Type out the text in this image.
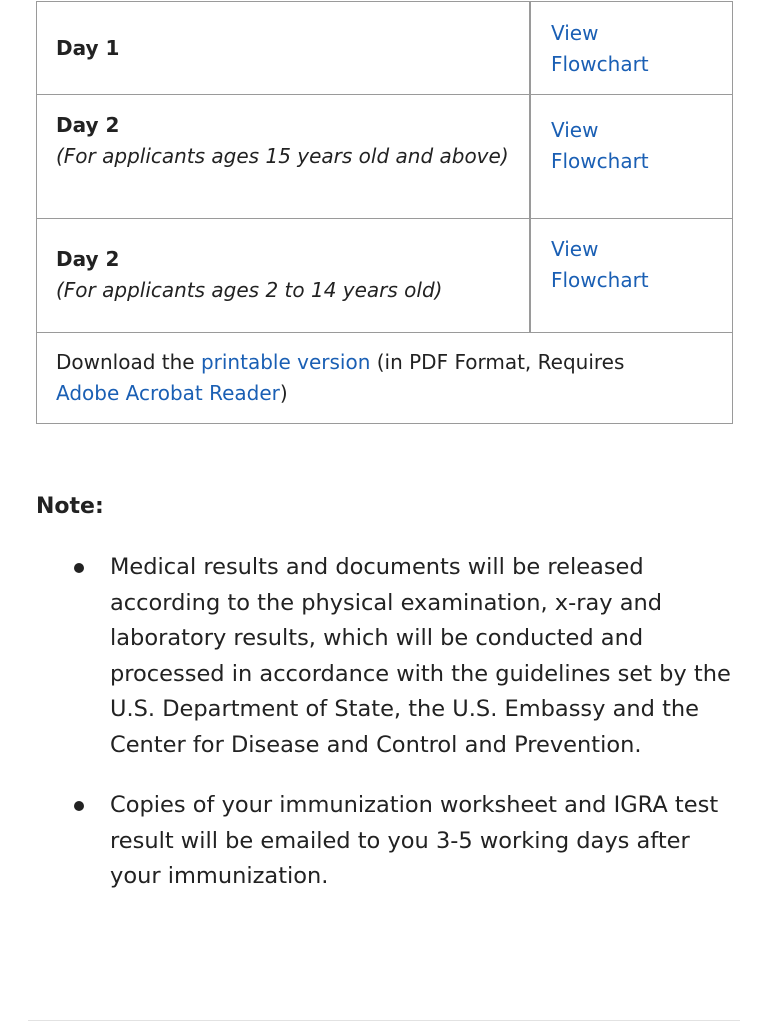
Day 1
View
Flowchart
Day 2
(For applicants ages 15 years old and above)
View
Flowchart
Day 2
(For applicants ages 2 to 14 years old)
View
Flowchart
Download the printable version (in PDF Format, Requires Adobe Acrobat Reader)
Note:
Medical results and documents will be released according to the physical examination, x-ray and laboratory results, which will be conducted and processed in accordance with the guidelines set by the U.S. Department of State, the U.S. Embassy and the Center for Disease and Control and Prevention.
Copies of your immunization worksheet and IGRA test result will be emailed to you 3-5 working days after your immunization.
